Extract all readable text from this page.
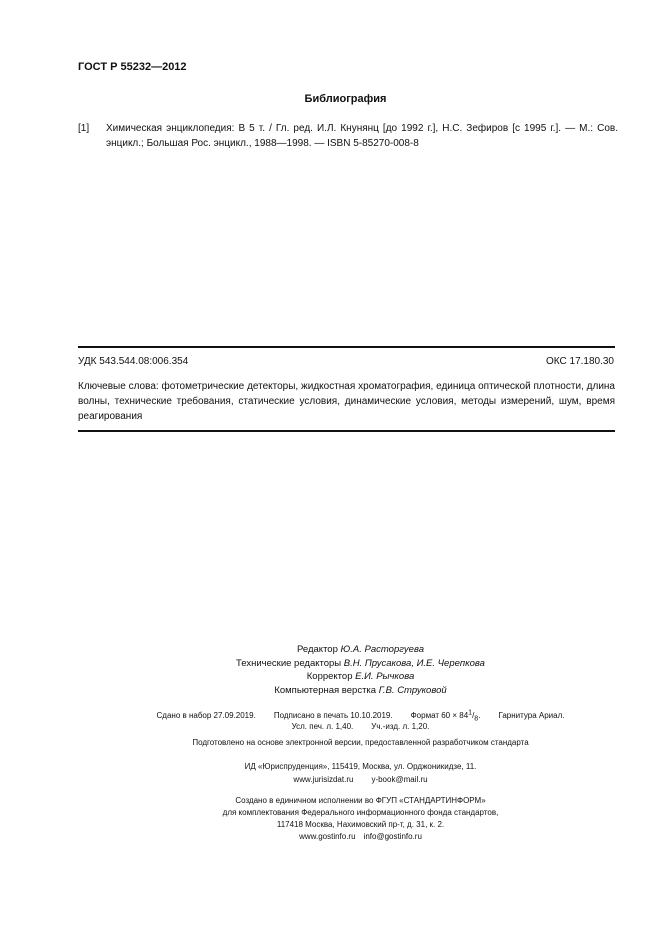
ГОСТ Р 55232—2012
Библиография
[1] Химическая энциклопедия: В 5 т. / Гл. ред. И.Л. Кнунянц [до 1992 г.], Н.С. Зефиров [с 1995 г.]. — М.: Сов. энцикл.; Большая Рос. энцикл., 1988—1998. — ISBN 5-85270-008-8
УДК 543.544.08:006.354	ОКС 17.180.30
Ключевые слова: фотометрические детекторы, жидкостная хроматография, единица оптической плотности, длина волны, технические требования, статические условия, динамические условия, методы измерений, шум, время реагирования
Редактор Ю.А. Расторгуева
Технические редакторы В.Н. Прусакова, И.Е. Черепкова
Корректор Е.И. Рычкова
Компьютерная верстка Г.В. Струковой
Сдано в набор 27.09.2019. Подписано в печать 10.10.2019. Формат $60 \times 84^1/_8$. Гарнитура Ариал.
Усл. печ. л. 1,40. Уч.-изд. л. 1,20.
Подготовлено на основе электронной версии, предоставленной разработчиком стандарта
ИД «Юриспруденция», 115419, Москва, ул. Орджоникидзе, 11.
www.jurisizdat.ru y-book@mail.ru
Создано в единичном исполнении во ФГУП «СТАНДАРТИНФОРМ»
для комплектования Федерального информационного фонда стандартов,
117418 Москва, Нахимовский пр-т, д. 31, к. 2.
www.gostinfo.ru info@gostinfo.ru
